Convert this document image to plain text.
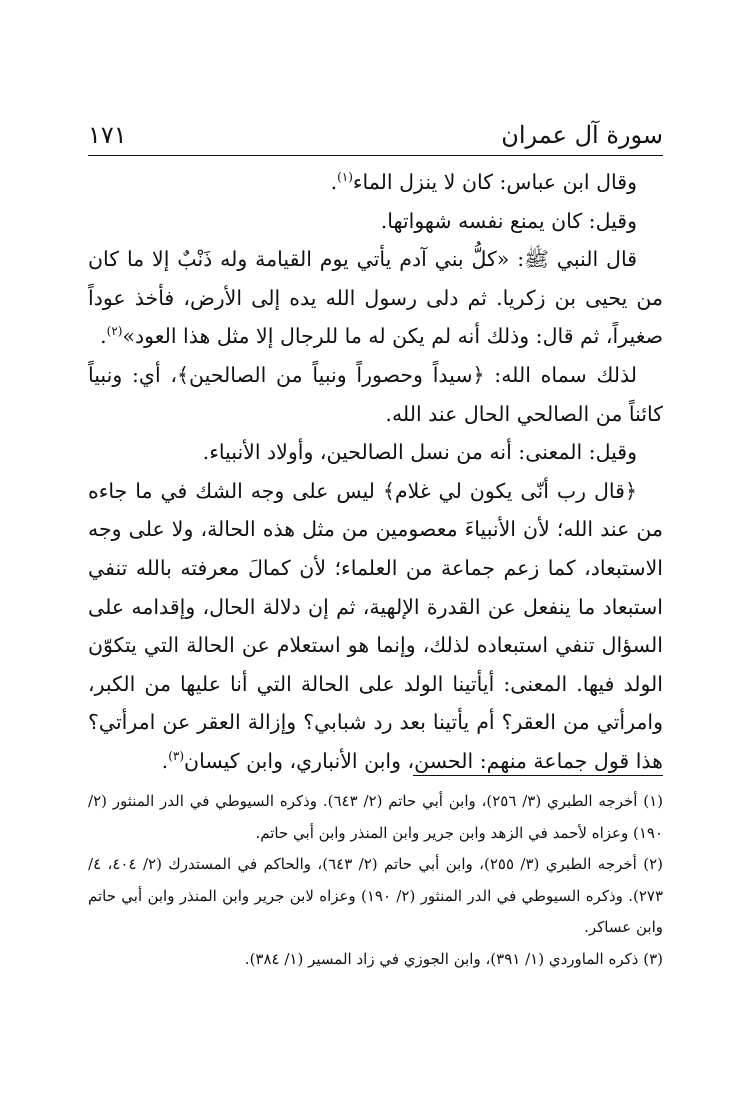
سورة آل عمران
١٧١

وقال ابن عباس: كان لا ينزل الماء$^{(١)}$.

وقيل: كان يمنع نفسه شهواتها.

قال النبي ﷺ: «كلُّ بني آدم يأتي يوم القيامة وله ذَنْبٌ إلا ما كان من يحيى بن زكريا. ثم دلى رسول الله يده إلى الأرض، فأخذ عوداً صغيراً، ثم قال: وذلك أنه لم يكن له ما للرجال إلا مثل هذا العود»$^{(٢)}$.

لذلك سماه الله: ﴿سيداً وحصوراً ونبياً من الصالحين﴾، أي: ونبياً كائناً من الصالحي الحال عند الله.

وقيل: المعنى: أنه من نسل الصالحين، وأولاد الأنبياء.

﴿قال رب أنّى يكون لي غلام﴾ ليس على وجه الشك في ما جاءه من عند الله؛ لأن الأنبياءَ معصومين من مثل هذه الحالة، ولا على وجه الاستبعاد، كما زعم جماعة من العلماء؛ لأن كمالَ معرفته بالله تنفي استبعاد ما ينفعل عن القدرة الإلهية، ثم إن دلالة الحال، وإقدامه على السؤال تنفي استبعاده لذلك، وإنما هو استعلام عن الحالة التي يتكوّن الولد فيها. المعنى: أيأتينا الولد على الحالة التي أنا عليها من الكبر، وامرأتي من العقر؟ أم يأتينا بعد رد شبابي؟ وإزالة العقر عن امرأتي؟ هذا قول جماعة منهم: الحسن، وابن الأنباري، وابن كيسان$^{(٣)}$.

(١) أخرجه الطبري (٣/ ٢٥٦)، وابن أبي حاتم (٢/ ٦٤٣). وذكره السيوطي في الدر المنثور (٢/ ١٩٠) وعزاه لأحمد في الزهد وابن جرير وابن المنذر وابن أبي حاتم.

(٢) أخرجه الطبري (٣/ ٢٥٥)، وابن أبي حاتم (٢/ ٦٤٣)، والحاكم في المستدرك (٢/ ٤٠٤، ٤/ ٢٧٣). وذكره السيوطي في الدر المنثور (٢/ ١٩٠) وعزاه لابن جرير وابن المنذر وابن أبي حاتم وابن عساكر.

(٣) ذكره الماوردي (١/ ٣٩١)، وابن الجوزي في زاد المسير (١/ ٣٨٤).
